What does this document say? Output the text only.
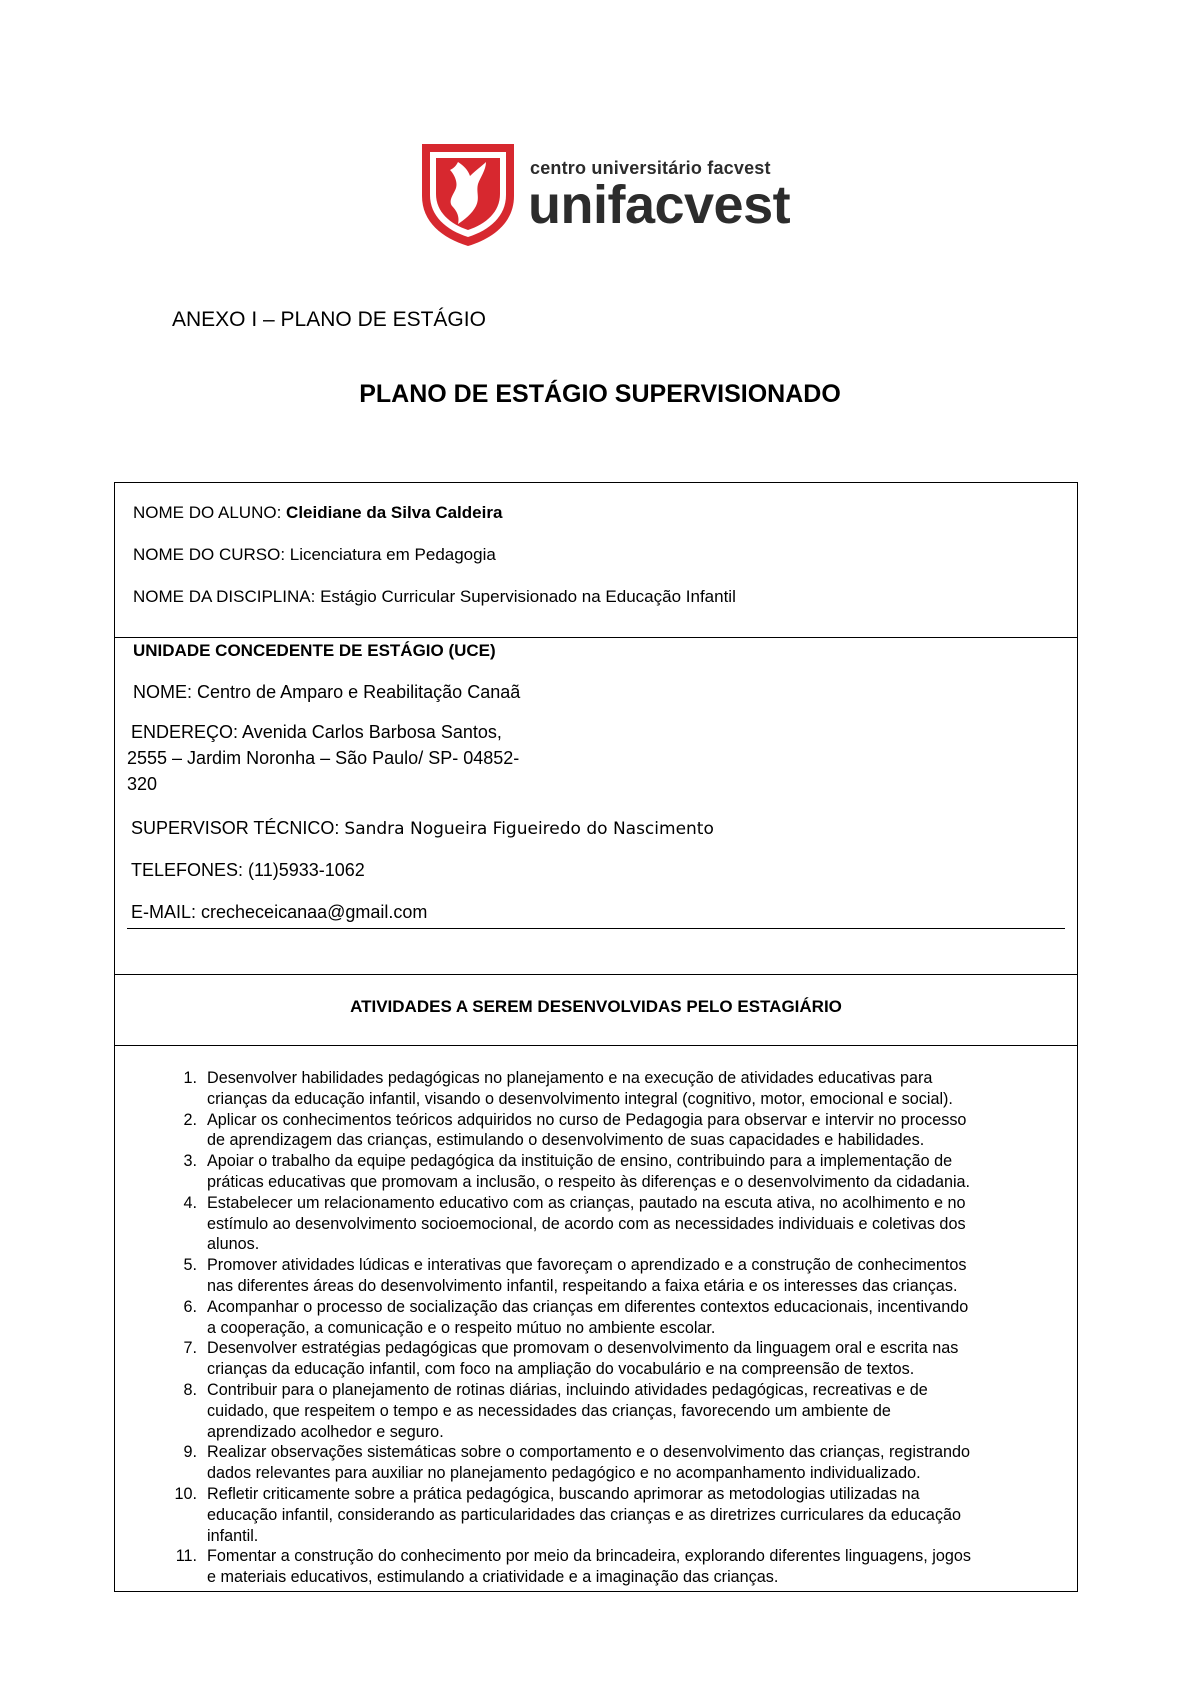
centro universitário facvest
unifacvest
ANEXO I – PLANO DE ESTÁGIO
PLANO DE ESTÁGIO SUPERVISIONADO
NOME DO ALUNO: Cleidiane da Silva Caldeira
NOME DO CURSO: Licenciatura em Pedagogia
NOME DA DISCIPLINA: Estágio Curricular Supervisionado na Educação Infantil
UNIDADE CONCEDENTE DE ESTÁGIO (UCE)
NOME: Centro de Amparo e Reabilitação Canaã
ENDEREÇO: Avenida Carlos Barbosa Santos,
2555 – Jardim Noronha – São Paulo/ SP- 04852-
320
SUPERVISOR TÉCNICO: Sandra Nogueira Figueiredo do Nascimento
TELEFONES: (11)5933-1062
E-MAIL: crecheceicanaa@gmail.com
ATIVIDADES A SEREM DESENVOLVIDAS PELO ESTAGIÁRIO
1. Desenvolver habilidades pedagógicas no planejamento e na execução de atividades educativas para
crianças da educação infantil, visando o desenvolvimento integral (cognitivo, motor, emocional e social).
2. Aplicar os conhecimentos teóricos adquiridos no curso de Pedagogia para observar e intervir no processo
de aprendizagem das crianças, estimulando o desenvolvimento de suas capacidades e habilidades.
3. Apoiar o trabalho da equipe pedagógica da instituição de ensino, contribuindo para a implementação de
práticas educativas que promovam a inclusão, o respeito às diferenças e o desenvolvimento da cidadania.
4. Estabelecer um relacionamento educativo com as crianças, pautado na escuta ativa, no acolhimento e no
estímulo ao desenvolvimento socioemocional, de acordo com as necessidades individuais e coletivas dos
alunos.
5. Promover atividades lúdicas e interativas que favoreçam o aprendizado e a construção de conhecimentos
nas diferentes áreas do desenvolvimento infantil, respeitando a faixa etária e os interesses das crianças.
6. Acompanhar o processo de socialização das crianças em diferentes contextos educacionais, incentivando
a cooperação, a comunicação e o respeito mútuo no ambiente escolar.
7. Desenvolver estratégias pedagógicas que promovam o desenvolvimento da linguagem oral e escrita nas
crianças da educação infantil, com foco na ampliação do vocabulário e na compreensão de textos.
8. Contribuir para o planejamento de rotinas diárias, incluindo atividades pedagógicas, recreativas e de
cuidado, que respeitem o tempo e as necessidades das crianças, favorecendo um ambiente de
aprendizado acolhedor e seguro.
9. Realizar observações sistemáticas sobre o comportamento e o desenvolvimento das crianças, registrando
dados relevantes para auxiliar no planejamento pedagógico e no acompanhamento individualizado.
10. Refletir criticamente sobre a prática pedagógica, buscando aprimorar as metodologias utilizadas na
educação infantil, considerando as particularidades das crianças e as diretrizes curriculares da educação
infantil.
11. Fomentar a construção do conhecimento por meio da brincadeira, explorando diferentes linguagens, jogos
e materiais educativos, estimulando a criatividade e a imaginação das crianças.
